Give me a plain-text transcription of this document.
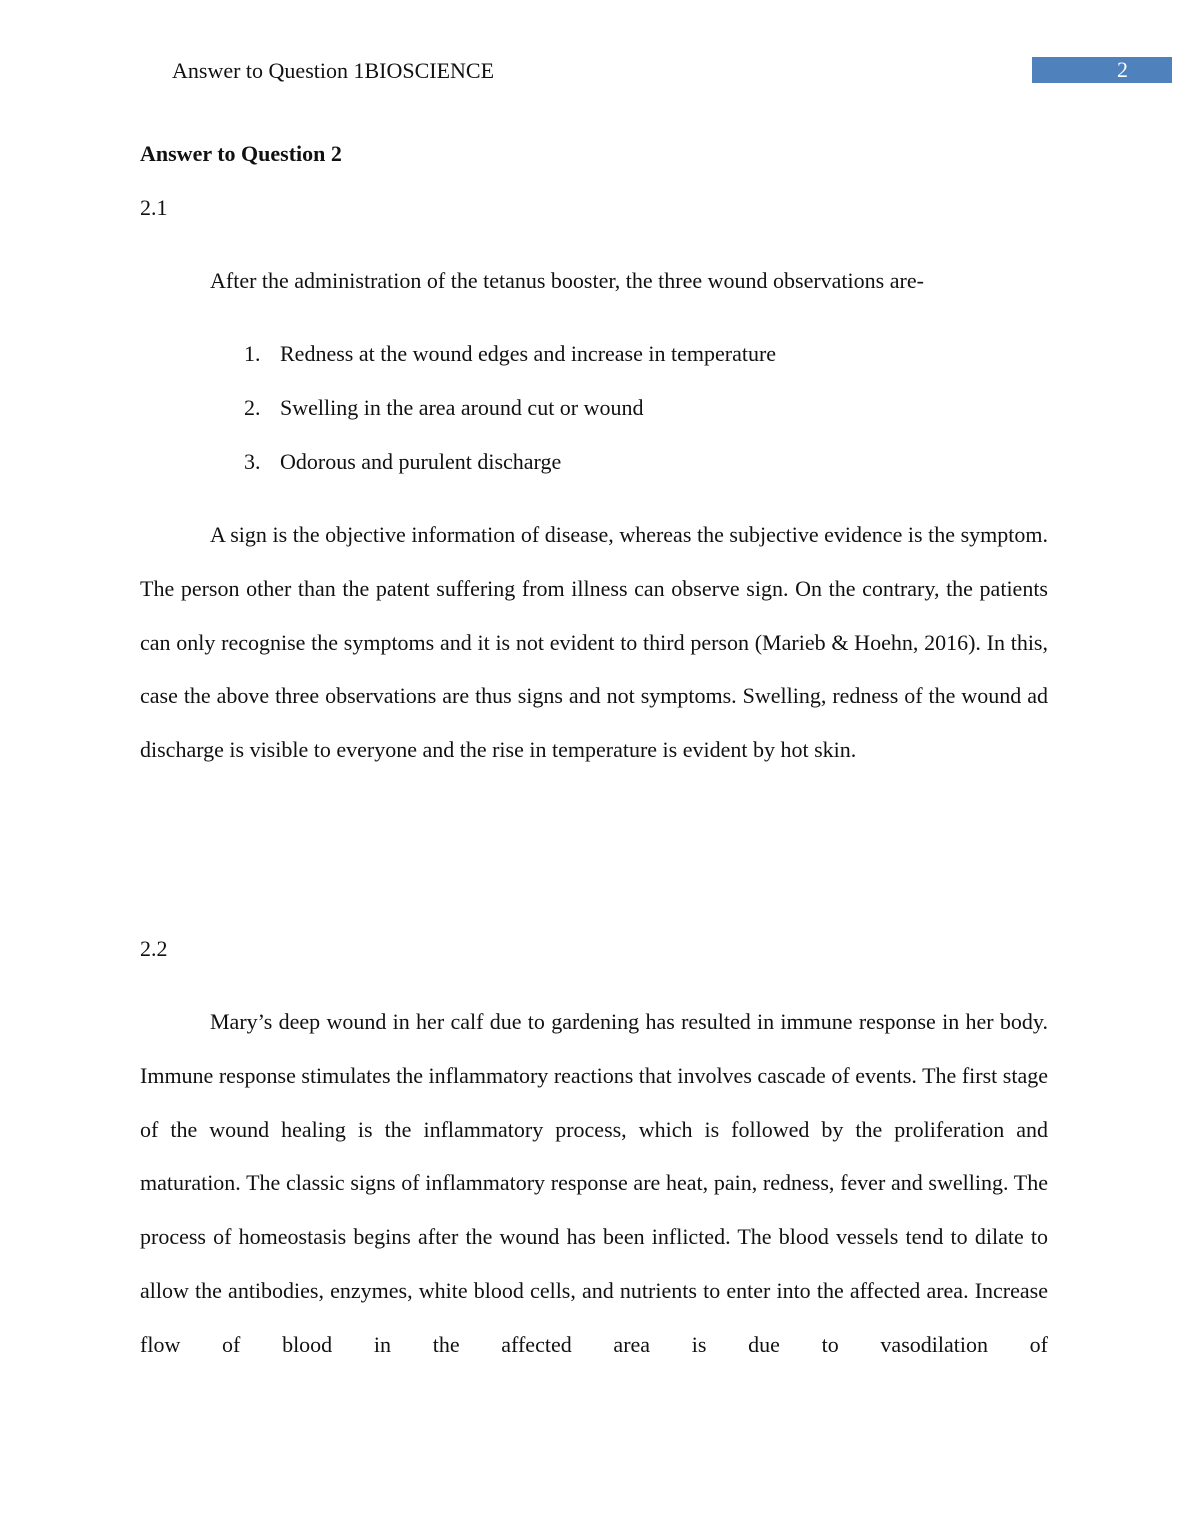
Answer to Question 1BIOSCIENCE	2
Answer to Question 2
2.1
After the administration of the tetanus booster, the three wound observations are-
1. Redness at the wound edges and increase in temperature
2. Swelling in the area around cut or wound
3. Odorous and purulent discharge

A sign is the objective information of disease, whereas the subjective evidence is the symptom. The person other than the patent suffering from illness can observe sign. On the contrary, the patients can only recognise the symptoms and it is not evident to third person (Marieb & Hoehn, 2016). In this, case the above three observations are thus signs and not symptoms. Swelling, redness of the wound ad discharge is visible to everyone and the rise in temperature is evident by hot skin.

2.2

Mary’s deep wound in her calf due to gardening has resulted in immune response in her body. Immune response stimulates the inflammatory reactions that involves cascade of events. The first stage of the wound healing is the inflammatory process, which is followed by the proliferation and maturation. The classic signs of inflammatory response are heat, pain, redness, fever and swelling. The process of homeostasis begins after the wound has been inflicted. The blood vessels tend to dilate to allow the antibodies, enzymes, white blood cells, and nutrients to enter into the affected area. Increase flow of blood in the affected area is due to vasodilation of
